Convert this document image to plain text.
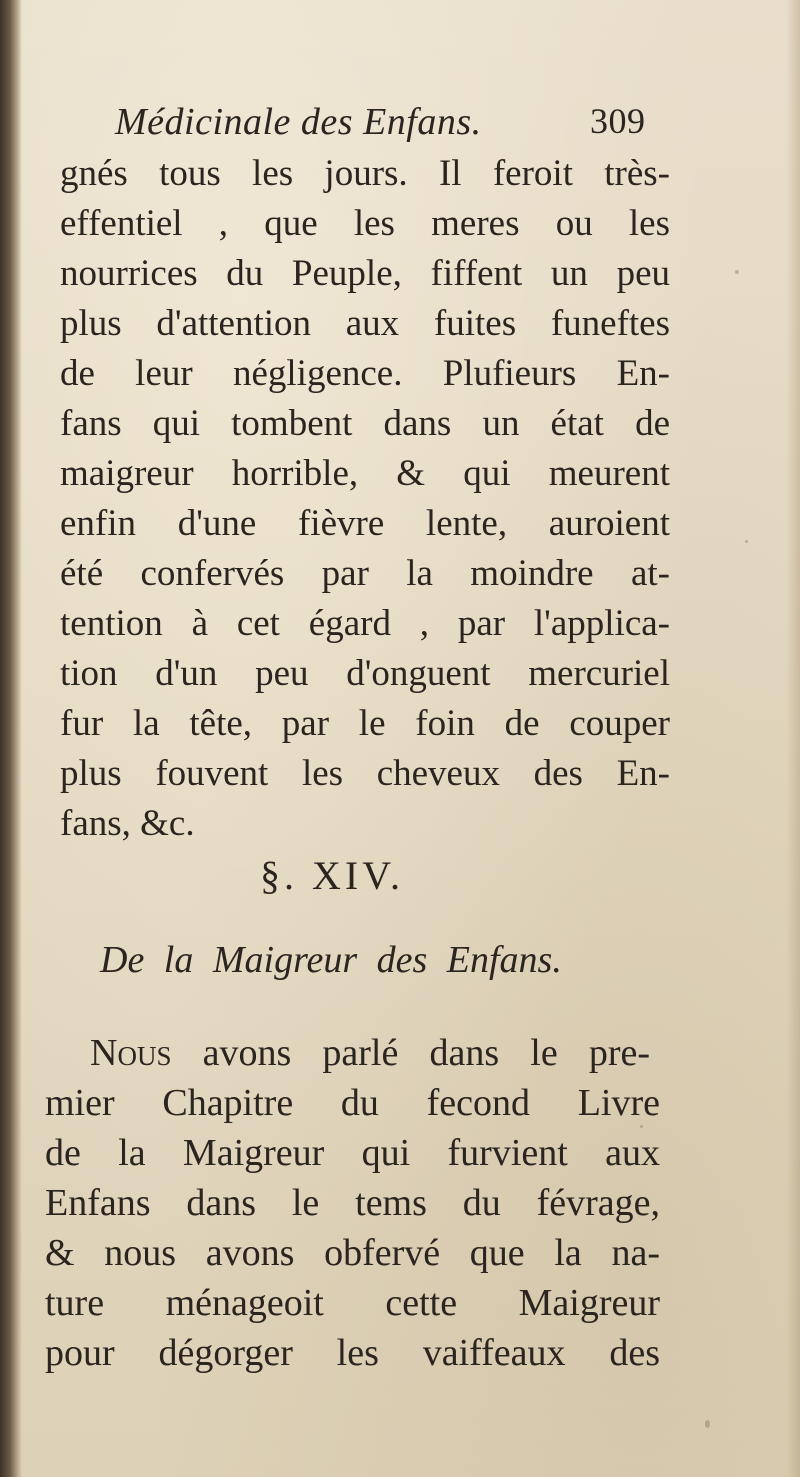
Médicinale des Enfans.	309
gnés tous les jours. Il feroit très-
effentiel , que les meres ou les
nourrices du Peuple, fiffent un peu
plus d'attention aux fuites funeftes
de leur négligence. Plufieurs En-
fans qui tombent dans un état de
maigreur horrible, & qui meurent
enfin d'une fièvre lente, auroient
été confervés par la moindre at-
tention à cet égard , par l'applica-
tion d'un peu d'onguent mercuriel
fur la tête, par le foin de couper
plus fouvent les cheveux des En-
fans, &c.
§. XIV.
De la Maigreur des Enfans.
Nous avons parlé dans le pre-
mier Chapitre du fecond Livre
de la Maigreur qui furvient aux
Enfans dans le tems du févrage,
& nous avons obfervé que la na-
ture ménageoit cette Maigreur
pour dégorger les vaiffeaux des
